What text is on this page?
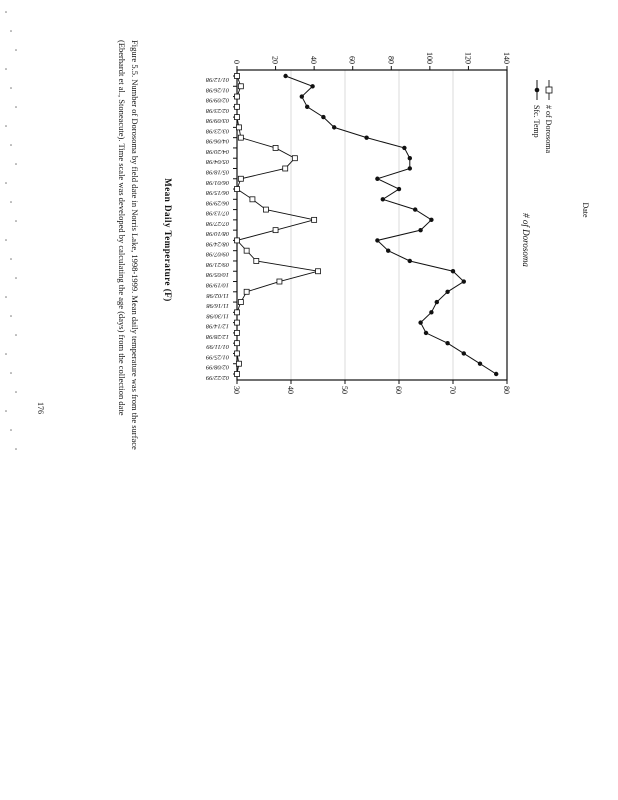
0	20	40	60	80	100	120	140
30	40	50	60	70	80
01/12/98
01/26/98
02/09/98
02/23/98
03/09/98
03/23/98
04/06/98
04/20/98
05/04/98
05/18/98
06/01/98
06/15/98
06/29/98
07/13/98
07/27/98
08/10/98
08/24/98
09/07/98
09/21/98
10/05/98
10/19/98
11/02/98
11/16/98
11/30/98
12/14/98
12/28/98
01/11/99
01/25/99
02/08/99
02/22/99
# of Dorosoma
Mean Daily Temperature (F)	Date
# of Dorosoma
Sfc. Temp
Figure 5.5. Number of Dorosoma by field date in Norris Lake, 1998-1999. Mean daily temperature was from the surface
(Eberhardt et al., Stoneacute). Time scale was developed by calculating the age (days) from the collection date
176
